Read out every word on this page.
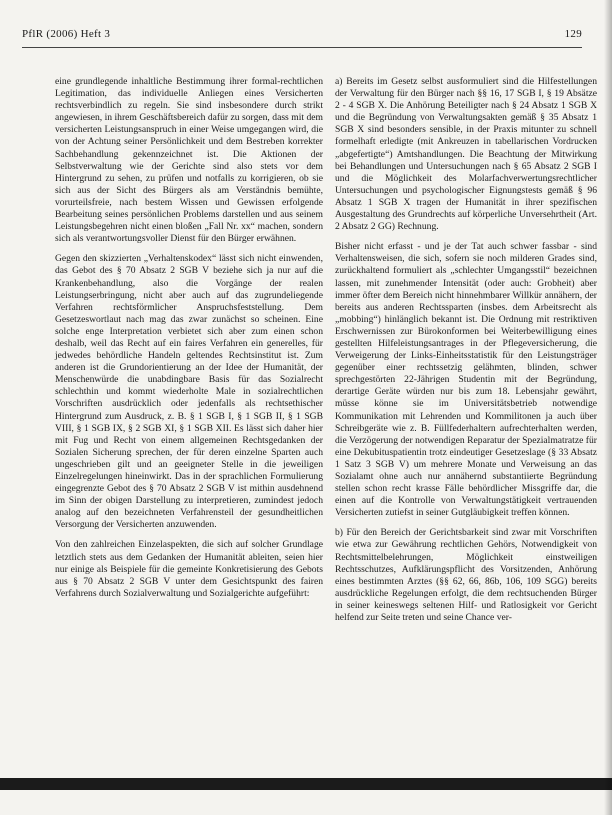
PflR (2006) Heft 3	129

eine grundlegende inhaltliche Bestimmung ihrer formal-rechtlichen Legitimation, das individuelle Anliegen eines Versicherten rechtsverbindlich zu regeln. Sie sind insbesondere durch strikt angewiesen, in ihrem Geschäftsbereich dafür zu sorgen, dass mit dem versicherten Leistungsanspruch in einer Weise umgegangen wird, die von der Achtung seiner Persönlichkeit und dem Bestreben korrekter Sachbehandlung gekennzeichnet ist. Die Aktionen der Selbstverwaltung wie der Gerichte sind also stets vor dem Hintergrund zu sehen, zu prüfen und notfalls zu korrigieren, ob sie sich aus der Sicht des Bürgers als am Verständnis bemühte, vorurteilsfreie, nach bestem Wissen und Gewissen erfolgende Bearbeitung seines persönlichen Problems darstellen und aus seinem Leistungsbegehren nicht einen bloßen „Fall Nr. xx“ machen, sondern sich als verantwortungsvoller Dienst für den Bürger erwähnen.

Gegen den skizzierten „Verhaltenskodex“ lässt sich nicht einwenden, das Gebot des § 70 Absatz 2 SGB V beziehe sich ja nur auf die Krankenbehandlung, also die Vorgänge der realen Leistungserbringung, nicht aber auch auf das zugrundeliegende Verfahren rechtsförmlicher Anspruchsfeststellung. Dem Gesetzeswortlaut nach mag das zwar zunächst so scheinen. Eine solche enge Interpretation verbietet sich aber zum einen schon deshalb, weil das Recht auf ein faires Verfahren ein generelles, für jedwedes behördliche Handeln geltendes Rechtsinstitut ist. Zum anderen ist die Grundorientierung an der Idee der Humanität, der Menschenwürde die unabdingbare Basis für das Sozialrecht schlechthin und kommt wiederholte Male in sozialrechtlichen Vorschriften ausdrücklich oder jedenfalls als rechtsethischer Hintergrund zum Ausdruck, z. B. § 1 SGB I, § 1 SGB II, § 1 SGB VIII, § 1 SGB IX, § 2 SGB XI, § 1 SGB XII. Es lässt sich daher hier mit Fug und Recht von einem allgemeinen Rechtsgedanken der Sozialen Sicherung sprechen, der für deren einzelne Sparten auch ungeschrieben gilt und an geeigneter Stelle in die jeweiligen Einzelregelungen hineinwirkt. Das in der sprachlichen Formulierung eingegrenzte Gebot des § 70 Absatz 2 SGB V ist mithin ausdehnend im Sinn der obigen Darstellung zu interpretieren, zumindest jedoch analog auf den bezeichneten Verfahrensteil der gesundheitlichen Versorgung der Versicherten anzuwenden.

Von den zahlreichen Einzelaspekten, die sich auf solcher Grundlage letztlich stets aus dem Gedanken der Humanität ableiten, seien hier nur einige als Beispiele für die gemeinte Konkretisierung des Gebots aus § 70 Absatz 2 SGB V unter dem Gesichtspunkt des fairen Verfahrens durch Sozialverwaltung und Sozialgerichte aufgeführt:

a) Bereits im Gesetz selbst ausformuliert sind die Hilfestellungen der Verwaltung für den Bürger nach §§ 16, 17 SGB I, § 19 Absätze 2 - 4 SGB X. Die Anhörung Beteiligter nach § 24 Absatz 1 SGB X und die Begründung von Verwaltungsakten gemäß § 35 Absatz 1 SGB X sind besonders sensible, in der Praxis mitunter zu schnell formelhaft erledigte (mit Ankreuzen in tabellarischen Vordrucken „abgefertigte“) Amtshandlungen. Die Beachtung der Mitwirkung bei Behandlungen und Untersuchungen nach § 65 Absatz 2 SGB I und die Möglichkeit des Molarfachverwertungsrechtlicher Untersuchungen und psychologischer Eignungstests gemäß § 96 Absatz 1 SGB X tragen der Humanität in ihrer spezifischen Ausgestaltung des Grundrechts auf körperliche Unversehrtheit (Art. 2 Absatz 2 GG) Rechnung.

Bisher nicht erfasst - und je der Tat auch schwer fassbar - sind Verhaltensweisen, die sich, sofern sie noch milderen Grades sind, zurückhaltend formuliert als „schlechter Umgangsstil“ bezeichnen lassen, mit zunehmender Intensität (oder auch: Grobheit) aber immer öfter dem Bereich nicht hinnehmbarer Willkür annähern, der bereits aus anderen Rechtssparten (insbes. dem Arbeitsrecht als „mobbing“) hinlänglich bekannt ist. Die Ordnung mit restriktiven Erschwernissen zur Bürokonformen bei Weiterbewilligung eines gestellten Hilfeleistungsantrages in der Pflegeversicherung, die Verweigerung der Links-Einheitsstatistik für den Leistungsträger gegenüber einer rechtssetzig gelähmten, blinden, schwer sprechgestörten 22-Jährigen Studentin mit der Begründung, derartige Geräte würden nur bis zum 18. Lebensjahr gewährt, müsse könne sie im Universitätsbetrieb notwendige Kommunikation mit Lehrenden und Kommilitonen ja auch über Schreibgeräte wie z. B. Füllfederhaltern aufrechterhalten werden, die Verzögerung der notwendigen Reparatur der Spezialmatratze für eine Dekubituspatientin trotz eindeutiger Gesetzeslage (§ 33 Absatz 1 Satz 3 SGB V) um mehrere Monate und Verweisung an das Sozialamt ohne auch nur annähernd substantiierte Begründung stellen schon recht krasse Fälle behördlicher Missgriffe dar, die einen auf die Kontrolle von Verwaltungstätigkeit vertrauenden Versicherten zutiefst in seiner Gutgläubigkeit treffen können.

b) Für den Bereich der Gerichtsbarkeit sind zwar mit Vorschriften wie etwa zur Gewährung rechtlichen Gehörs, Notwendigkeit von Rechtsmittelbelehrungen, Möglichkeit einstweiligen Rechtsschutzes, Aufklärungspflicht des Vorsitzenden, Anhörung eines bestimmten Arztes (§§ 62, 66, 86b, 106, 109 SGG) bereits ausdrückliche Regelungen erfolgt, die dem rechtsuchenden Bürger in seiner keineswegs seltenen Hilf- und Ratlosigkeit vor Gericht helfend zur Seite treten und seine Chance ver-
